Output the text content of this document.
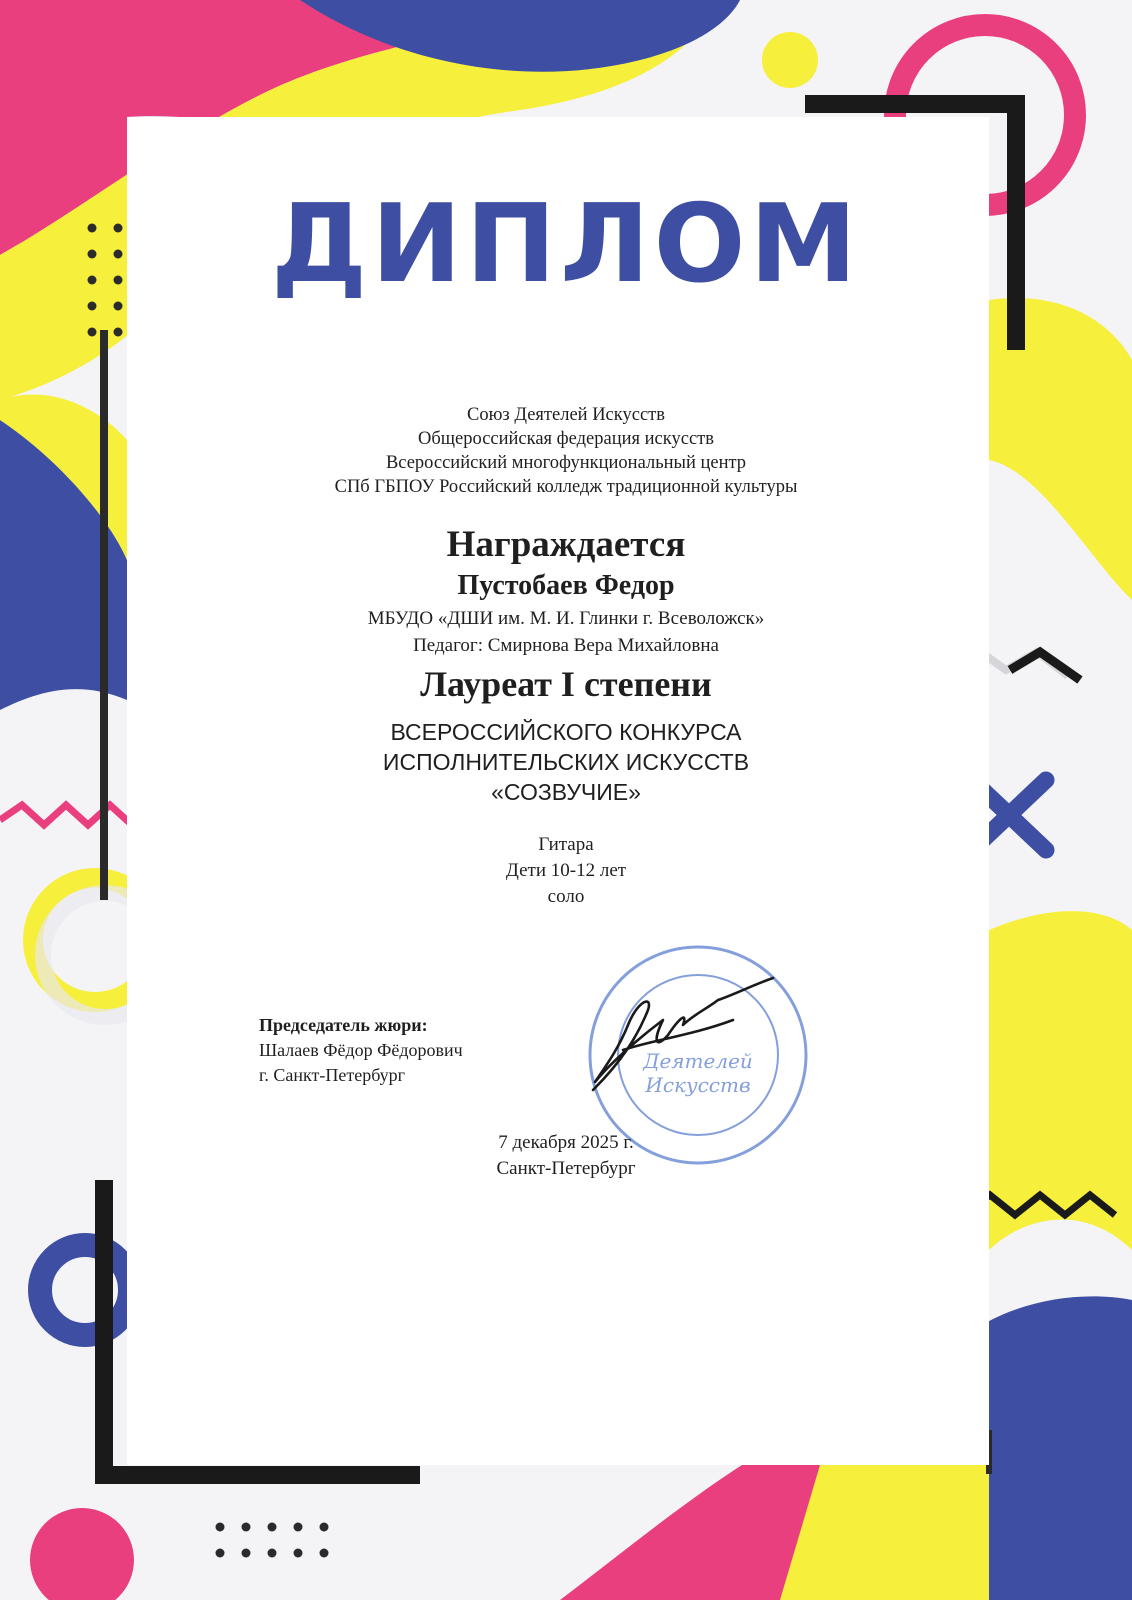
ДИПЛОМ
Союз Деятелей Искусств
Общероссийская федерация искусств
Всероссийский многофункциональный центр
СПб ГБПОУ Российский колледж традиционной культуры
Награждается
Пустобаев Федор
МБУДО «ДШИ им. М. И. Глинки г. Всеволожск»
Педагог: Смирнова Вера Михайловна
Лауреат I степени
ВСЕРОССИЙСКОГО КОНКУРСА
ИСПОЛНИТЕЛЬСКИХ ИСКУССТВ
«СОЗВУЧИЕ»
Гитара
Дети 10-12 лет
соло
Председатель жюри:
Шалаев Фёдор Фёдорович
г. Санкт-Петербург
Деятелей
Искусств
7 декабря 2025 г.
Санкт-Петербург
